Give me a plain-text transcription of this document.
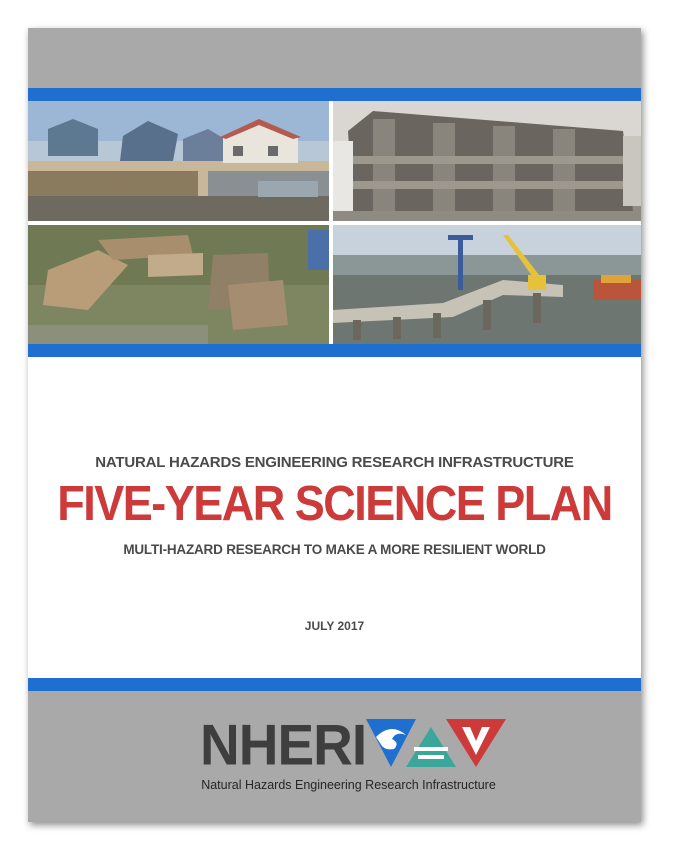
NATURAL HAZARDS ENGINEERING RESEARCH INFRASTRUCTURE
FIVE-YEAR SCIENCE PLAN
MULTI-HAZARD RESEARCH TO MAKE A MORE RESILIENT WORLD
JULY 2017
NHERI
Natural Hazards Engineering Research Infrastructure
